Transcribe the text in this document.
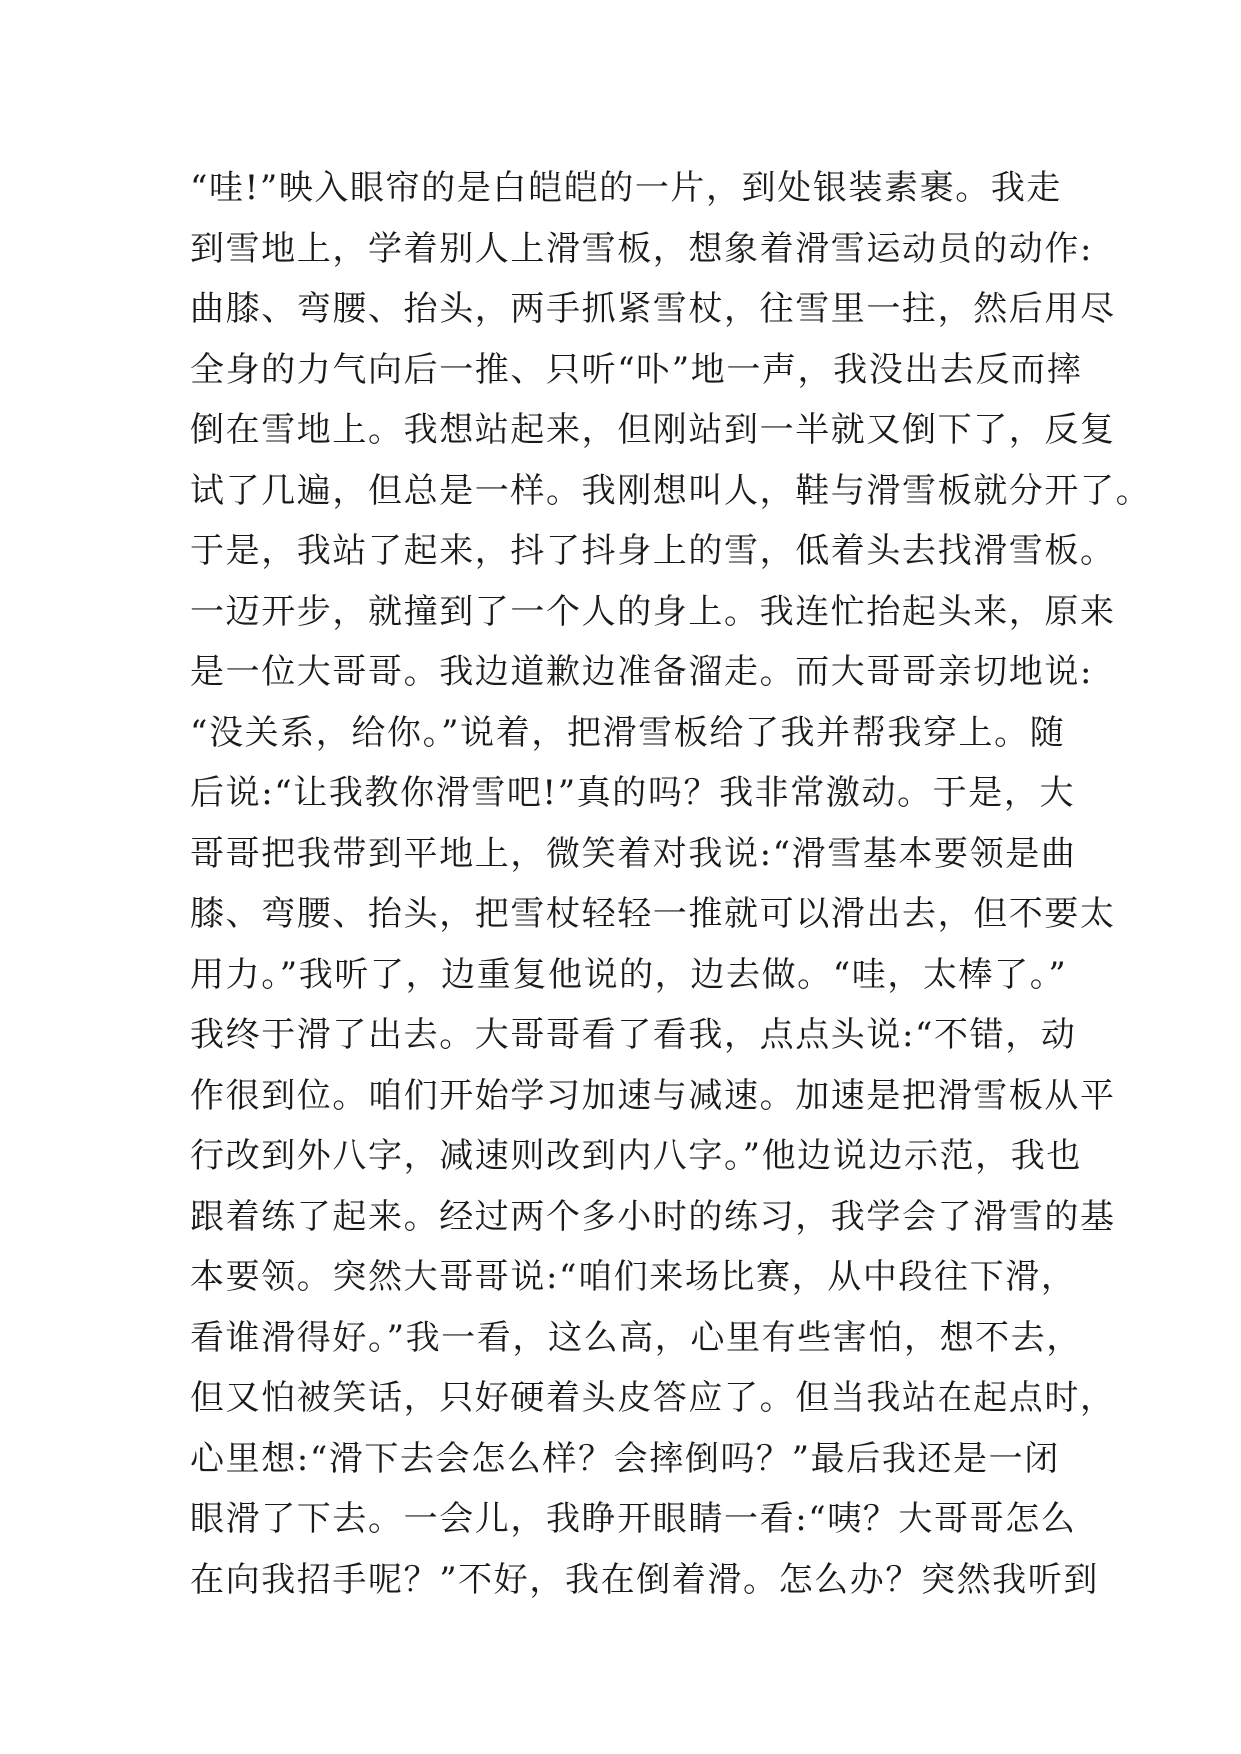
“哇!”映入眼帘的是白皑皑的一片，到处银装素裹。我走
到雪地上，学着别人上滑雪板，想象着滑雪运动员的动作:
曲膝、弯腰、抬头，两手抓紧雪杖，往雪里一拄，然后用尽
全身的力气向后一推、只听“卟”地一声，我没出去反而摔
倒在雪地上。我想站起来，但刚站到一半就又倒下了，反复
试了几遍，但总是一样。我刚想叫人，鞋与滑雪板就分开了。
于是，我站了起来，抖了抖身上的雪，低着头去找滑雪板。
一迈开步，就撞到了一个人的身上。我连忙抬起头来，原来
是一位大哥哥。我边道歉边准备溜走。而大哥哥亲切地说:
“没关系，给你。”说着，把滑雪板给了我并帮我穿上。随
后说:“让我教你滑雪吧!”真的吗？我非常激动。于是，大
哥哥把我带到平地上，微笑着对我说:“滑雪基本要领是曲
膝、弯腰、抬头，把雪杖轻轻一推就可以滑出去，但不要太
用力。”我听了，边重复他说的，边去做。“哇，太棒了。”
我终于滑了出去。大哥哥看了看我，点点头说:“不错，动
作很到位。咱们开始学习加速与减速。加速是把滑雪板从平
行改到外八字，减速则改到内八字。”他边说边示范，我也
跟着练了起来。经过两个多小时的练习，我学会了滑雪的基
本要领。突然大哥哥说:“咱们来场比赛，从中段往下滑，
看谁滑得好。”我一看，这么高，心里有些害怕，想不去，
但又怕被笑话，只好硬着头皮答应了。但当我站在起点时，
心里想:“滑下去会怎么样？会摔倒吗？”最后我还是一闭
眼滑了下去。一会儿，我睁开眼睛一看:“咦？大哥哥怎么
在向我招手呢？”不好，我在倒着滑。怎么办？突然我听到
